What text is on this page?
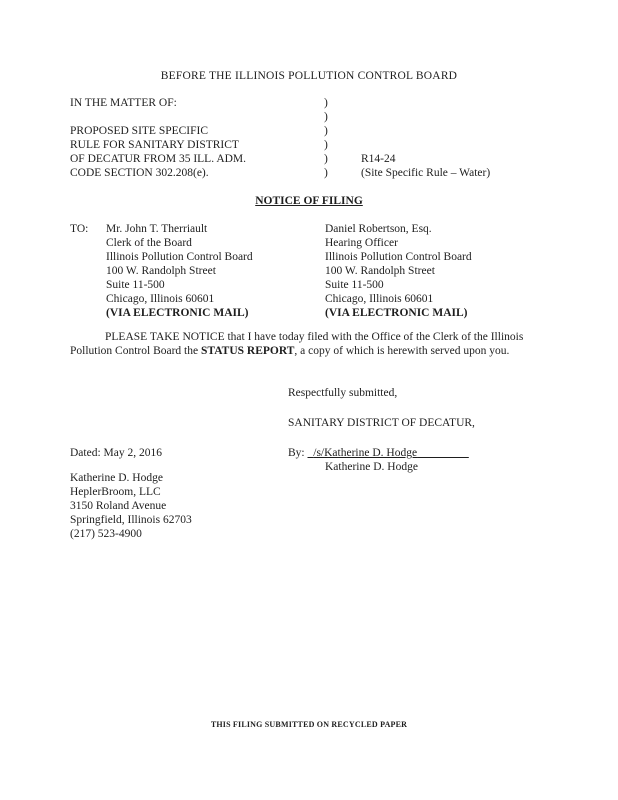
BEFORE THE ILLINOIS POLLUTION CONTROL BOARD
IN THE MATTER OF:
PROPOSED SITE SPECIFIC
RULE FOR SANITARY DISTRICT
OF DECATUR FROM 35 ILL. ADM.
CODE SECTION 302.208(e).
)
)
)
)
)
)
R14-24
(Site Specific Rule – Water)
NOTICE OF FILING
TO: Mr. John T. Therriault
Clerk of the Board
Illinois Pollution Control Board
100 W. Randolph Street
Suite 11-500
Chicago, Illinois 60601
(VIA ELECTRONIC MAIL)
Daniel Robertson, Esq.
Hearing Officer
Illinois Pollution Control Board
100 W. Randolph Street
Suite 11-500
Chicago, Illinois 60601
(VIA ELECTRONIC MAIL)
PLEASE TAKE NOTICE that I have today filed with the Office of the Clerk of the Illinois Pollution Control Board the STATUS REPORT, a copy of which is herewith served upon you.
Respectfully submitted,
SANITARY DISTRICT OF DECATUR,
Dated: May 2, 2016	By: /s/Katherine D. Hodge
Katherine D. Hodge
Katherine D. Hodge
HeplerBroom, LLC
3150 Roland Avenue
Springfield, Illinois 62703
(217) 523-4900
THIS FILING SUBMITTED ON RECYCLED PAPER
